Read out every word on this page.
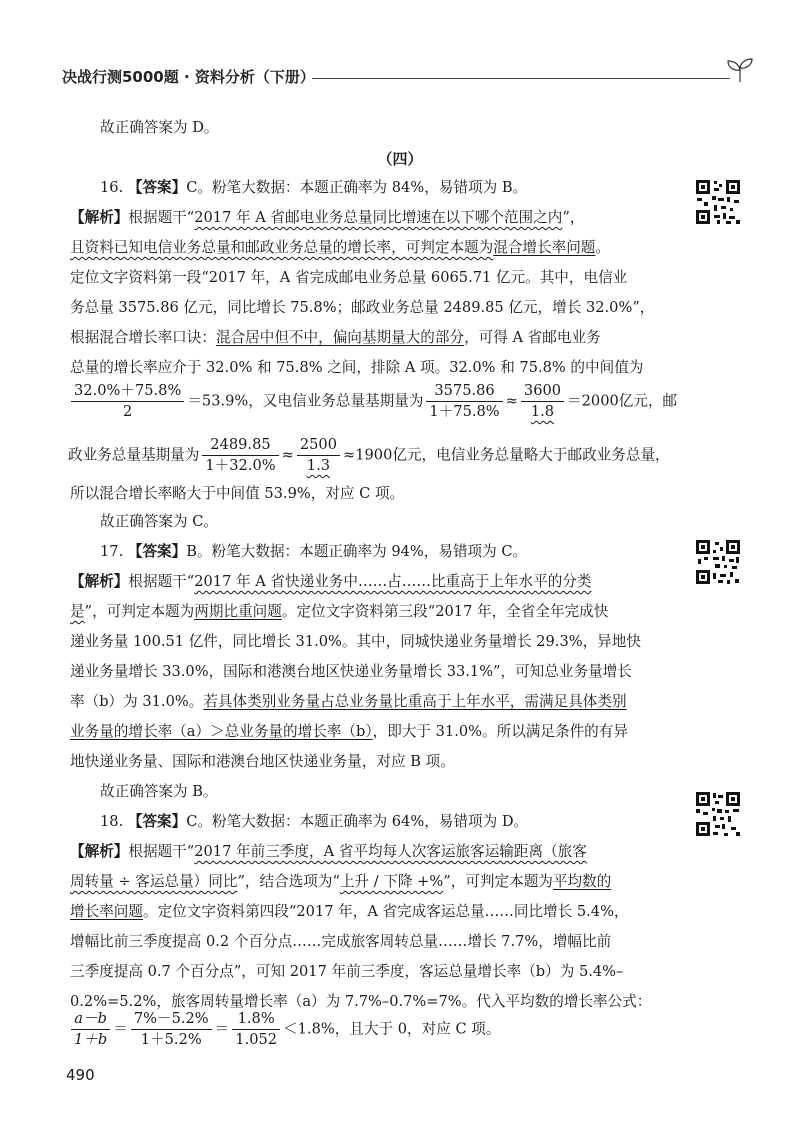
决战行测5000题 · 资料分析（下册）
故正确答案为 D。
（四）
16. 【答案】C。粉笔大数据：本题正确率为 84%，易错项为 B。
【解析】根据题干“2017 年 A 省邮电业务总量同比增速在以下哪个范围之内”，
且资料已知电信业务总量和邮政业务总量的增长率，可判定本题为混合增长率问题。
定位文字资料第一段“2017 年，A 省完成邮电业务总量 6065.71 亿元。其中，电信业
务总量 3575.86 亿元，同比增长 75.8%；邮政业务总量 2489.85 亿元，增长 32.0%”，
根据混合增长率口诀：混合居中但不中，偏向基期量大的部分，可得 A 省邮电业务
总量的增长率应介于 32.0% 和 75.8% 之间，排除 A 项。32.0% 和 75.8% 的中间值为
$\frac{32.0\%+75.8\%}{2} =53.9\%$，又电信业务总量基期量为 $\frac{3575.86}{1+75.8\%} \approx \frac{3600}{1.8} =2000$亿元，邮
政业务总量基期量为 $\frac{2489.85}{1+32.0\%} \approx \frac{2500}{1.3} \approx 1900$亿元，电信业务总量略大于邮政业务总量，
所以混合增长率略大于中间值 53.9%，对应 C 项。
故正确答案为 C。
17. 【答案】B。粉笔大数据：本题正确率为 94%，易错项为 C。
【解析】根据题干“2017 年 A 省快递业务中……占……比重高于上年水平的分类
是”，可判定本题为两期比重问题。定位文字资料第三段“2017 年，全省全年完成快
递业务量 100.51 亿件，同比增长 31.0%。其中，同城快递业务量增长 29.3%，异地快
递业务量增长 33.0%，国际和港澳台地区快递业务量增长 33.1%”，可知总业务量增长
率（b）为 31.0%。若具体类别业务量占总业务量比重高于上年水平，需满足具体类别
业务量的增长率（a）＞总业务量的增长率（b），即大于 31.0%。所以满足条件的有异
地快递业务量、国际和港澳台地区快递业务量，对应 B 项。
故正确答案为 B。
18. 【答案】C。粉笔大数据：本题正确率为 64%，易错项为 D。
【解析】根据题干“2017 年前三季度，A 省平均每人次客运旅客运输距离（旅客
周转量 ÷ 客运总量）同比”，结合选项为“上升 / 下降 +%”，可判定本题为平均数的
增长率问题。定位文字资料第四段“2017 年，A 省完成客运总量……同比增长 5.4%，
增幅比前三季度提高 0.2 个百分点……完成旅客周转总量……增长 7.7%，增幅比前
三季度提高 0.7 个百分点”，可知 2017 年前三季度，客运总量增长率（b）为 5.4%–
0.2%=5.2%，旅客周转量增长率（a）为 7.7%–0.7%=7%。代入平均数的增长率公式：
$\frac{a-b}{1+b} = \frac{7\%-5.2\%}{1+5.2\%} = \frac{1.8\%}{1.052} <1.8\%$，且大于 0，对应 C 项。
490
